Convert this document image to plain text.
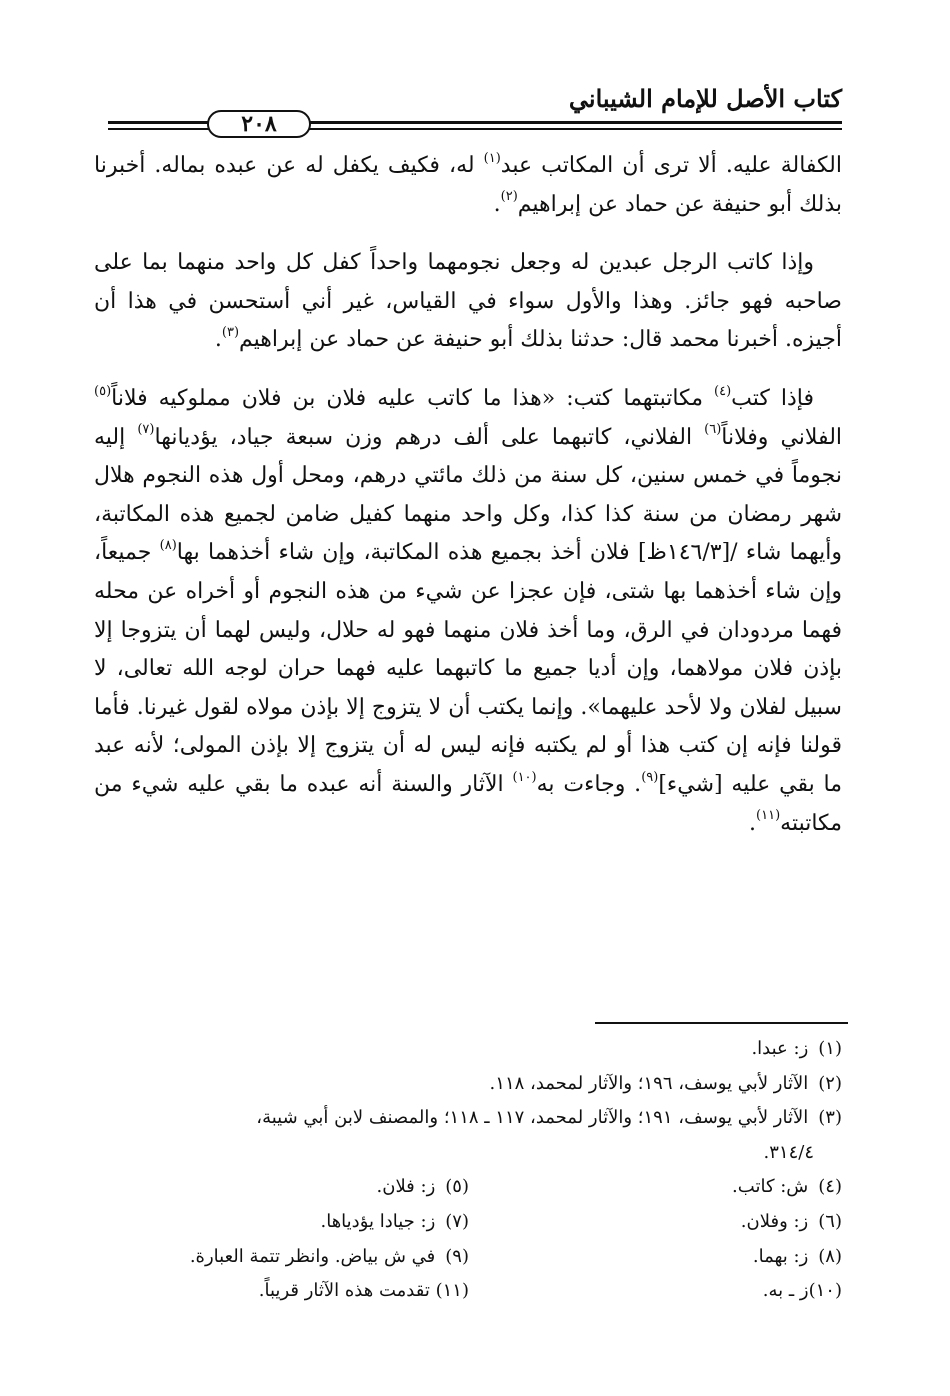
كتاب الأصل للإمام الشيباني
٢٠٨

الكفالة عليه. ألا ترى أن المكاتب عبد$^{(١)}$ له، فكيف يكفل له عن عبده بماله. أخبرنا بذلك أبو حنيفة عن حماد عن إبراهيم$^{(٢)}$.

وإذا كاتب الرجل عبدين له وجعل نجومهما واحداً كفل كل واحد منهما بما على صاحبه فهو جائز. وهذا والأول سواء في القياس، غير أني أستحسن في هذا أن أجيزه. أخبرنا محمد قال: حدثنا بذلك أبو حنيفة عن حماد عن إبراهيم$^{(٣)}$.

فإذا كتب$^{(٤)}$ مكاتبتهما كتب: «هذا ما كاتب عليه فلان بن فلان مملوكيه فلاناً$^{(٥)}$ الفلاني وفلاناً$^{(٦)}$ الفلاني، كاتبهما على ألف درهم وزن سبعة جياد، يؤديانها$^{(٧)}$ إليه نجوماً في خمس سنين، كل سنة من ذلك مائتي درهم، ومحل أول هذه النجوم هلال شهر رمضان من سنة كذا كذا، وكل واحد منهما كفيل ضامن لجميع هذه المكاتبة، وأيهما شاء /[١٤٦/٣ظ] فلان أخذ بجميع هذه المكاتبة، وإن شاء أخذهما بها$^{(٨)}$ جميعاً، وإن شاء أخذهما بها شتى، فإن عجزا عن شيء من هذه النجوم أو أخراه عن محله فهما مردودان في الرق، وما أخذ فلان منهما فهو له حلال، وليس لهما أن يتزوجا إلا بإذن فلان مولاهما، وإن أديا جميع ما كاتبهما عليه فهما حران لوجه الله تعالى، لا سبيل لفلان ولا لأحد عليهما». وإنما يكتب أن لا يتزوج إلا بإذن مولاه لقول غيرنا. فأما قولنا فإنه إن كتب هذا أو لم يكتبه فإنه ليس له أن يتزوج إلا بإذن المولى؛ لأنه عبد ما بقي عليه [شيء]$^{(٩)}$. وجاءت به$^{(١٠)}$ الآثار والسنة أنه عبده ما بقي عليه شيء من مكاتبته$^{(١١)}$.

(١) ز: عبدا.
(٢) الآثار لأبي يوسف، ١٩٦؛ والآثار لمحمد، ١١٨.
(٣) الآثار لأبي يوسف، ١٩١؛ والآثار لمحمد، ١١٧ ـ ١١٨؛ والمصنف لابن أبي شيبة،
٣١٤/٤.
(٤) ش: كاتب.
(٦) ز: وفلان.
(٨) ز: بهما.
(١٠)ز ـ به.
(٥) ز: فلان.
(٧) ز: جيادا يؤدياها.
(٩) في ش بياض. وانظر تتمة العبارة.
(١١) تقدمت هذه الآثار قريباً.
